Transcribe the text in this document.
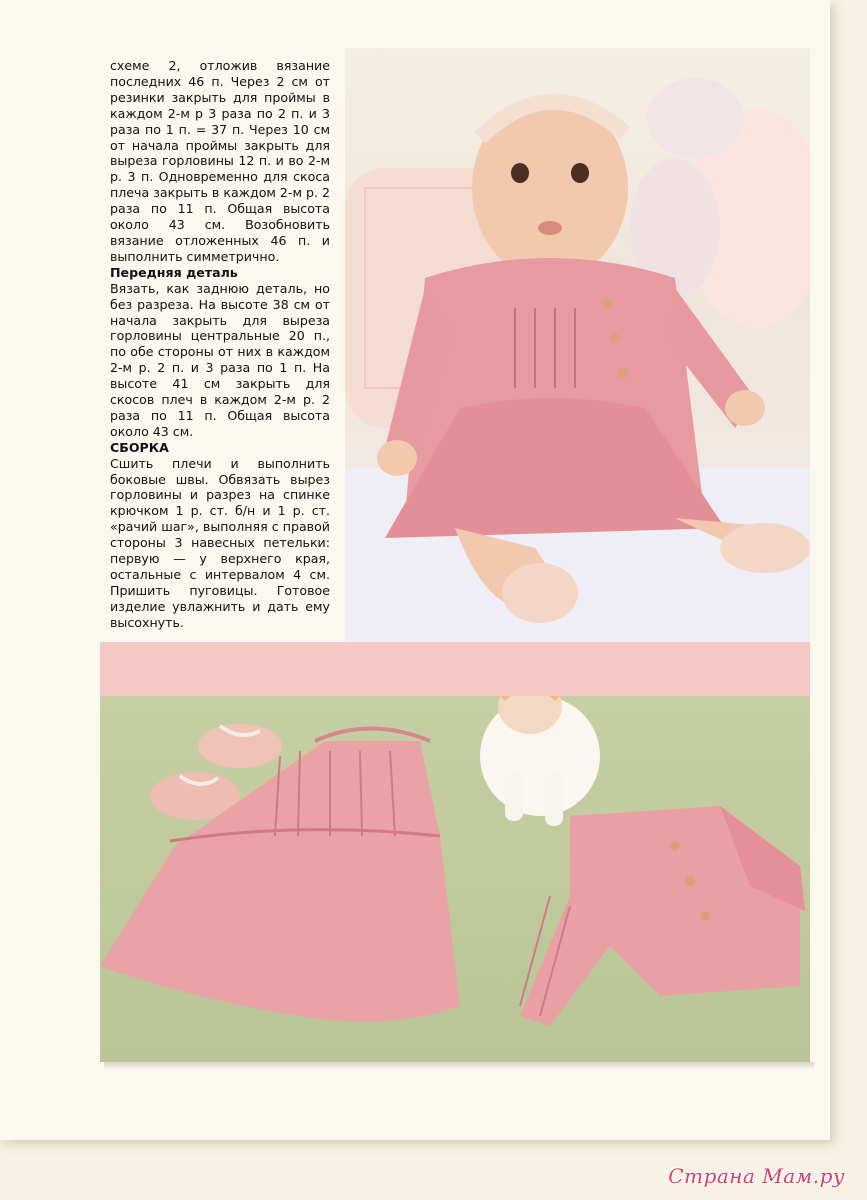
схеме 2, отложив вязание последних 46 п. Через 2 см от резинки закрыть для проймы в каждом 2-м р 3 раза по 2 п. и 3 раза по 1 п. = 37 п. Через 10 см от начала проймы закрыть для выреза горловины 12 п. и во 2-м р. 3 п. Одновременно для скоса плеча закрыть в каждом 2-м р. 2 раза по 11 п. Общая высота около 43 см. Возобновить вязание отложенных 46 п. и выполнить симметрично.

Передняя деталь

Вязать, как заднюю деталь, но без разреза. На высоте 38 см от начала закрыть для выреза горловины центральные 20 п., по обе стороны от них в каждом 2-м р. 2 п. и 3 раза по 1 п. На высоте 41 см закрыть для скосов плеч в каждом 2-м р. 2 раза по 11 п. Общая высота около 43 см.

СБОРКА

Сшить плечи и выполнить боковые швы. Обвязать вырез горловины и разрез на спинке крючком 1 р. ст. б/н и 1 р. ст. «рачий шаг», выполняя с правой стороны 3 навесных петельки: первую — у верхнего края, остальные с интервалом 4 см. Пришить пуговицы. Готовое изделие увлажнить и дать ему высохнуть.

Страна Мам.ру
